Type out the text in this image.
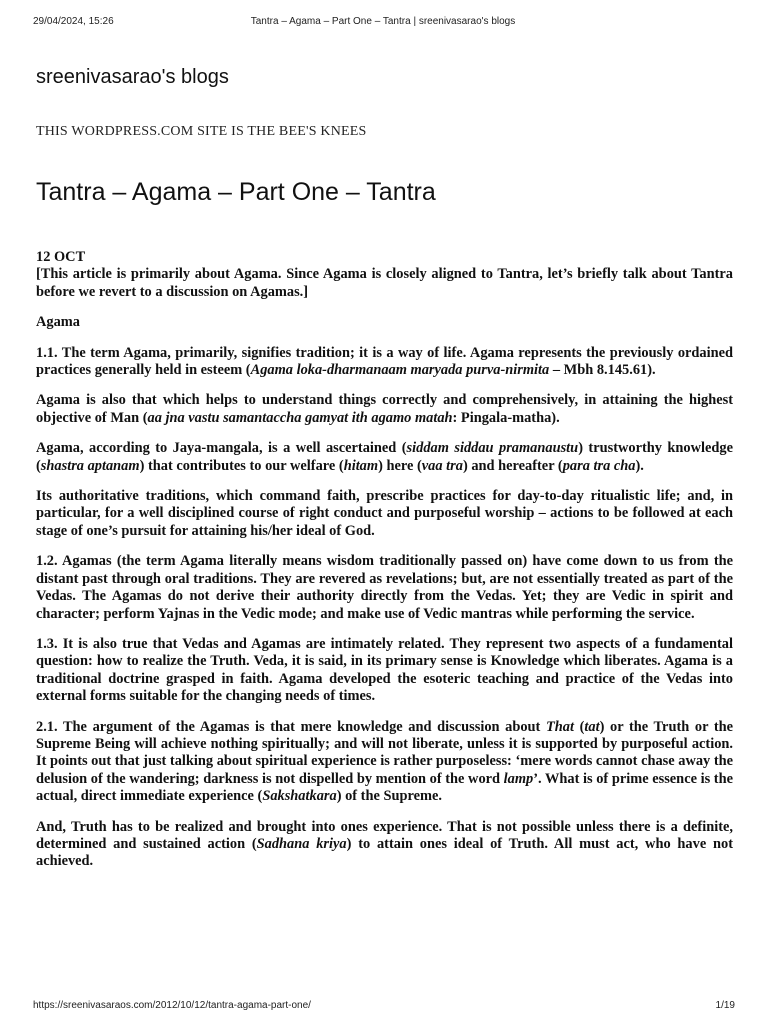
29/04/2024, 15:26	Tantra – Agama – Part One – Tantra | sreenivasarao's blogs
sreenivasarao's blogs
THIS WORDPRESS.COM SITE IS THE BEE'S KNEES
Tantra – Agama – Part One – Tantra

12 OCT
[This article is primarily about Agama. Since Agama is closely aligned to Tantra, let’s briefly talk about Tantra before we revert to a discussion on Agamas.]

Agama

1.1. The term Agama, primarily, signifies tradition; it is a way of life. Agama represents the previously ordained practices generally held in esteem (Agama loka-dharmanaam maryada purva-nirmita – Mbh 8.145.61).

Agama is also that which helps to understand things correctly and comprehensively, in attaining the highest objective of Man (aa jna vastu samantaccha gamyat ith agamo matah: Pingala-matha).

Agama, according to Jaya-mangala, is a well ascertained (siddam siddau pramanaustu) trustworthy knowledge (shastra aptanam) that contributes to our welfare (hitam) here (vaa tra) and hereafter (para tra cha).

Its authoritative traditions, which command faith, prescribe practices for day-to-day ritualistic life; and, in particular, for a well disciplined course of right conduct and purposeful worship – actions to be followed at each stage of one’s pursuit for attaining his/her ideal of God.

1.2. Agamas (the term Agama literally means wisdom traditionally passed on) have come down to us from the distant past through oral traditions. They are revered as revelations; but, are not essentially treated as part of the Vedas. The Agamas do not derive their authority directly from the Vedas. Yet; they are Vedic in spirit and character; perform Yajnas in the Vedic mode; and make use of Vedic mantras while performing the service.

1.3. It is also true that Vedas and Agamas are intimately related. They represent two aspects of a fundamental question: how to realize the Truth. Veda, it is said, in its primary sense is Knowledge which liberates. Agama is a traditional doctrine grasped in faith. Agama developed the esoteric teaching and practice of the Vedas into external forms suitable for the changing needs of times.

2.1. The argument of the Agamas is that mere knowledge and discussion about That (tat) or the Truth or the Supreme Being will achieve nothing spiritually; and will not liberate, unless it is supported by purposeful action. It points out that just talking about spiritual experience is rather purposeless: ‘mere words cannot chase away the delusion of the wandering; darkness is not dispelled by mention of the word lamp’. What is of prime essence is the actual, direct immediate experience (Sakshatkara) of the Supreme.

And, Truth has to be realized and brought into ones experience. That is not possible unless there is a definite, determined and sustained action (Sadhana kriya) to attain ones ideal of Truth. All must act, who have not achieved.

https://sreenivasaraos.com/2012/10/12/tantra-agama-part-one/	1/19
